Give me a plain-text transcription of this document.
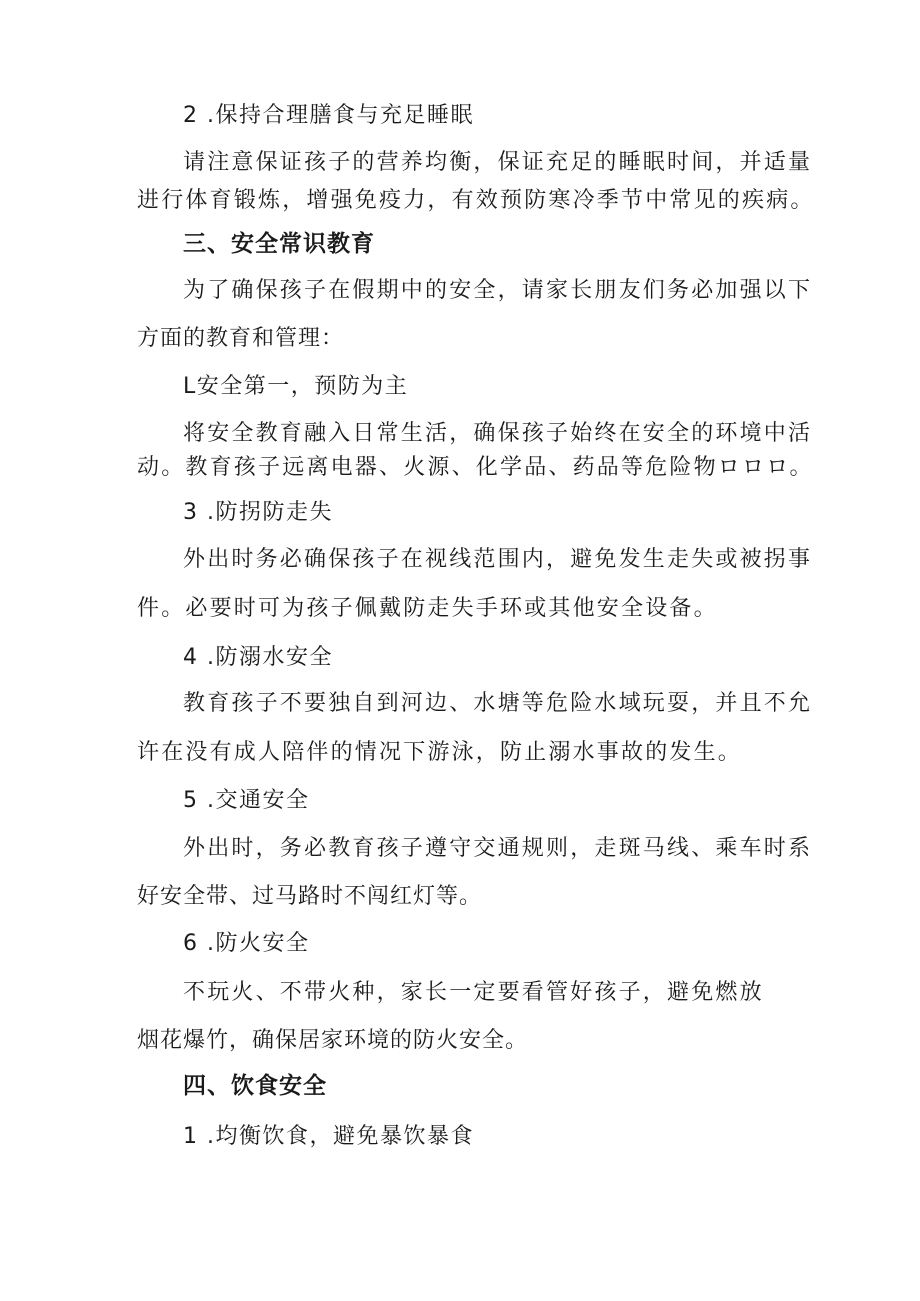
2 .保持合理膳食与充足睡眠
请注意保证孩子的营养均衡，保证充足的睡眠时间，并适量
进行体育锻炼，增强免疫力，有效预防寒冷季节中常见的疾病。
三、安全常识教育
为了确保孩子在假期中的安全，请家长朋友们务必加强以下
方面的教育和管理：
L安全第一，预防为主
将安全教育融入日常生活，确保孩子始终在安全的环境中活
动。教育孩子远离电器、火源、化学品、药品等危险物ロロロ。
3 .防拐防走失
外出时务必确保孩子在视线范围内，避免发生走失或被拐事
件。必要时可为孩子佩戴防走失手环或其他安全设备。
4 .防溺水安全
教育孩子不要独自到河边、水塘等危险水域玩耍，并且不允
许在没有成人陪伴的情况下游泳，防止溺水事故的发生。
5 .交通安全
外出时，务必教育孩子遵守交通规则，走斑马线、乘车时系
好安全带、过马路时不闯红灯等。
6 .防火安全
不玩火、不带火种，家长一定要看管好孩子，避免燃放
烟花爆竹，确保居家环境的防火安全。
四、饮食安全
1 .均衡饮食，避免暴饮暴食
